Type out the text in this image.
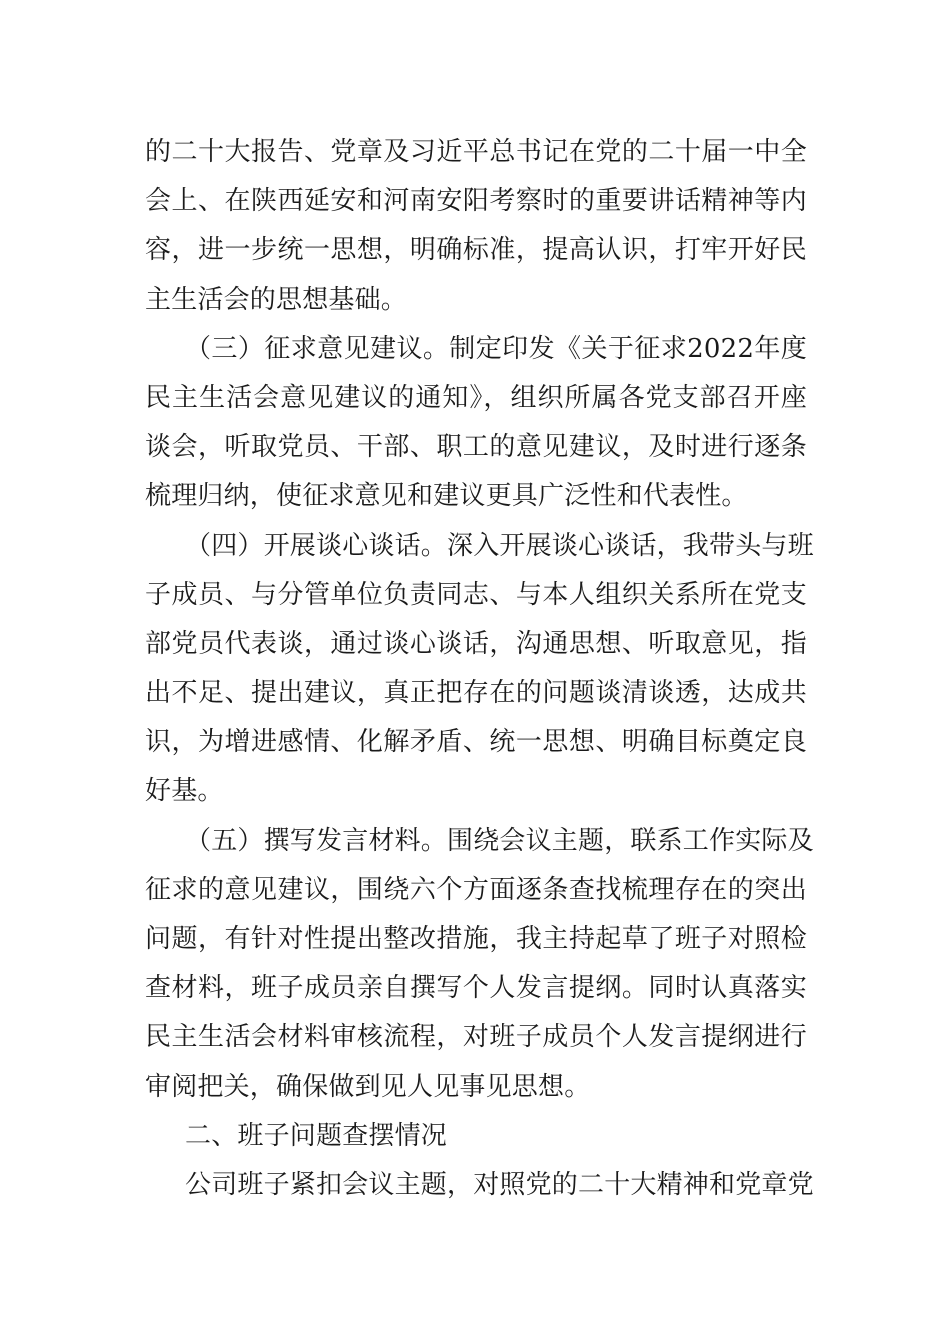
的二十大报告、党章及习近平总书记在党的二十届一中全
会上、在陕西延安和河南安阳考察时的重要讲话精神等内
容，进一步统一思想，明确标准，提高认识，打牢开好民
主生活会的思想基础。
（三）征求意见建议。制定印发《关于征求2022年度
民主生活会意见建议的通知》，组织所属各党支部召开座
谈会，听取党员、干部、职工的意见建议，及时进行逐条
梳理归纳，使征求意见和建议更具广泛性和代表性。
（四）开展谈心谈话。深入开展谈心谈话，我带头与班
子成员、与分管单位负责同志、与本人组织关系所在党支
部党员代表谈，通过谈心谈话，沟通思想、听取意见，指
出不足、提出建议，真正把存在的问题谈清谈透，达成共
识，为增进感情、化解矛盾、统一思想、明确目标奠定良
好基。
（五）撰写发言材料。围绕会议主题，联系工作实际及
征求的意见建议，围绕六个方面逐条查找梳理存在的突出
问题，有针对性提出整改措施，我主持起草了班子对照检
查材料，班子成员亲自撰写个人发言提纲。同时认真落实
民主生活会材料审核流程，对班子成员个人发言提纲进行
审阅把关，确保做到见人见事见思想。
二、班子问题查摆情况
公司班子紧扣会议主题，对照党的二十大精神和党章党
